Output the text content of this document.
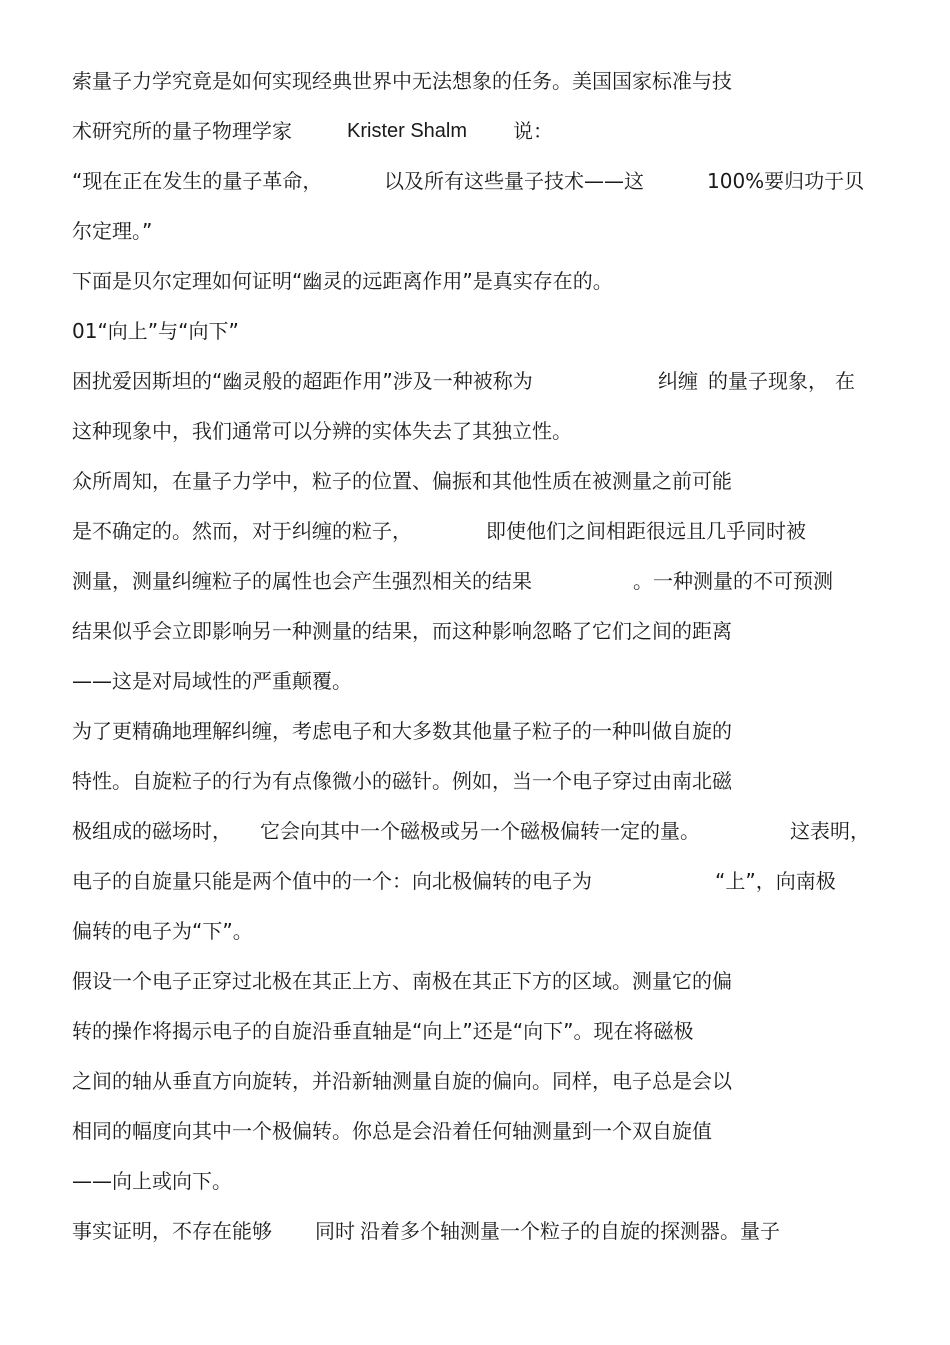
索量子力学究竟是如何实现经典世界中无法想象的任务。美国国家标准与技
术研究所的量子物理学家	Krister Shalm 说：
“现在正在发生的量子革命，	以及所有这些量子技术——这	100%要归功于贝
尔定理。”
下面是贝尔定理如何证明“幽灵的远距离作用”是真实存在的。
01“向上”与“向下”
困扰爱因斯坦的“幽灵般的超距作用”涉及一种被称为	纠缠 的量子现象， 在
这种现象中，我们通常可以分辨的实体失去了其独立性。
众所周知，在量子力学中，粒子的位置、偏振和其他性质在被测量之前可能
是不确定的。然而，对于纠缠的粒子，	即使他们之间相距很远且几乎同时被
测量，测量纠缠粒子的属性也会产生强烈相关的结果	。一种测量的不可预测
结果似乎会立即影响另一种测量的结果，而这种影响忽略了它们之间的距离
——这是对局域性的严重颠覆。
为了更精确地理解纠缠，考虑电子和大多数其他量子粒子的一种叫做自旋的
特性。自旋粒子的行为有点像微小的磁针。例如，当一个电子穿过由南北磁
极组成的磁场时， 它会向其中一个磁极或另一个磁极偏转一定的量。	这表明，
电子的自旋量只能是两个值中的一个：向北极偏转的电子为	“上”，向南极
偏转的电子为“下”。
假设一个电子正穿过北极在其正上方、南极在其正下方的区域。测量它的偏
转的操作将揭示电子的自旋沿垂直轴是“向上”还是“向下”。现在将磁极
之间的轴从垂直方向旋转，并沿新轴测量自旋的偏向。同样，电子总是会以
相同的幅度向其中一个极偏转。你总是会沿着任何轴测量到一个双自旋值
——向上或向下。
事实证明，不存在能够 同时 沿着多个轴测量一个粒子的自旋的探测器。量子
